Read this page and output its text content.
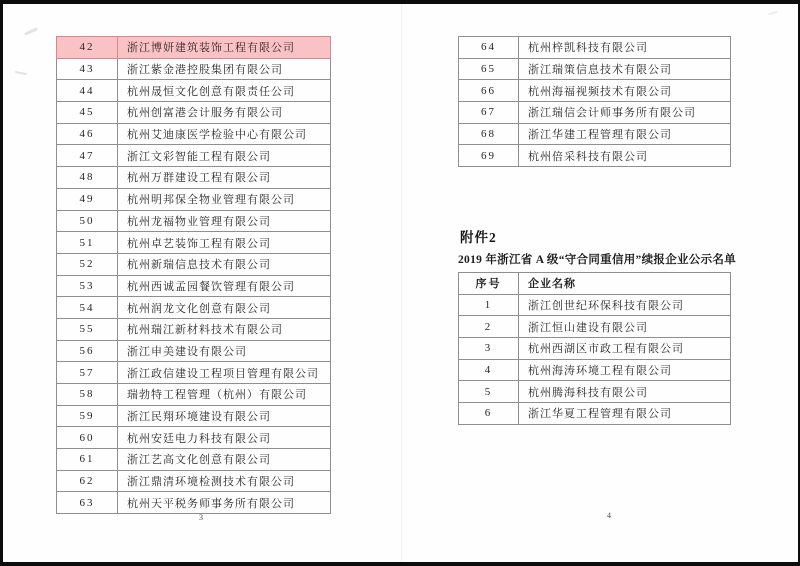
42	浙江博妍建筑装饰工程有限公司
43	浙江紫金港控股集团有限公司
44	杭州晟恒文化创意有限责任公司
45	杭州创富港会计服务有限公司
46	杭州艾迪康医学检验中心有限公司
47	浙江文彩智能工程有限公司
48	杭州万群建设工程有限公司
49	杭州明邦保全物业管理有限公司
50	杭州龙福物业管理有限公司
51	杭州卓艺装饰工程有限公司
52	杭州新瑞信息技术有限公司
53	杭州西诚孟园餐饮管理有限公司
54	杭州润龙文化创意有限公司
55	杭州瑞江新材料技术有限公司
56	浙江申美建设有限公司
57	浙江政信建设工程项目管理有限公司
58	瑞勃特工程管理（杭州）有限公司
59	浙江民翔环境建设有限公司
60	杭州安廷电力科技有限公司
61	浙江艺高文化创意有限公司
62	浙江鼎清环境检测技术有限公司
63	杭州天平税务师事务所有限公司
64	杭州梓凯科技有限公司
65	浙江瑞策信息技术有限公司
66	杭州海福视频技术有限公司
67	浙江瑞信会计师事务所有限公司
68	浙江华建工程管理有限公司
69	杭州倍采科技有限公司
附件2
2019 年浙江省 A 级“守合同重信用”续报企业公示名单
序号	企业名称
1	浙江创世纪环保科技有限公司
2	浙江恒山建设有限公司
3	杭州西湖区市政工程有限公司
4	杭州海涛环境工程有限公司
5	杭州腾海科技有限公司
6	浙江华夏工程管理有限公司
3	4
